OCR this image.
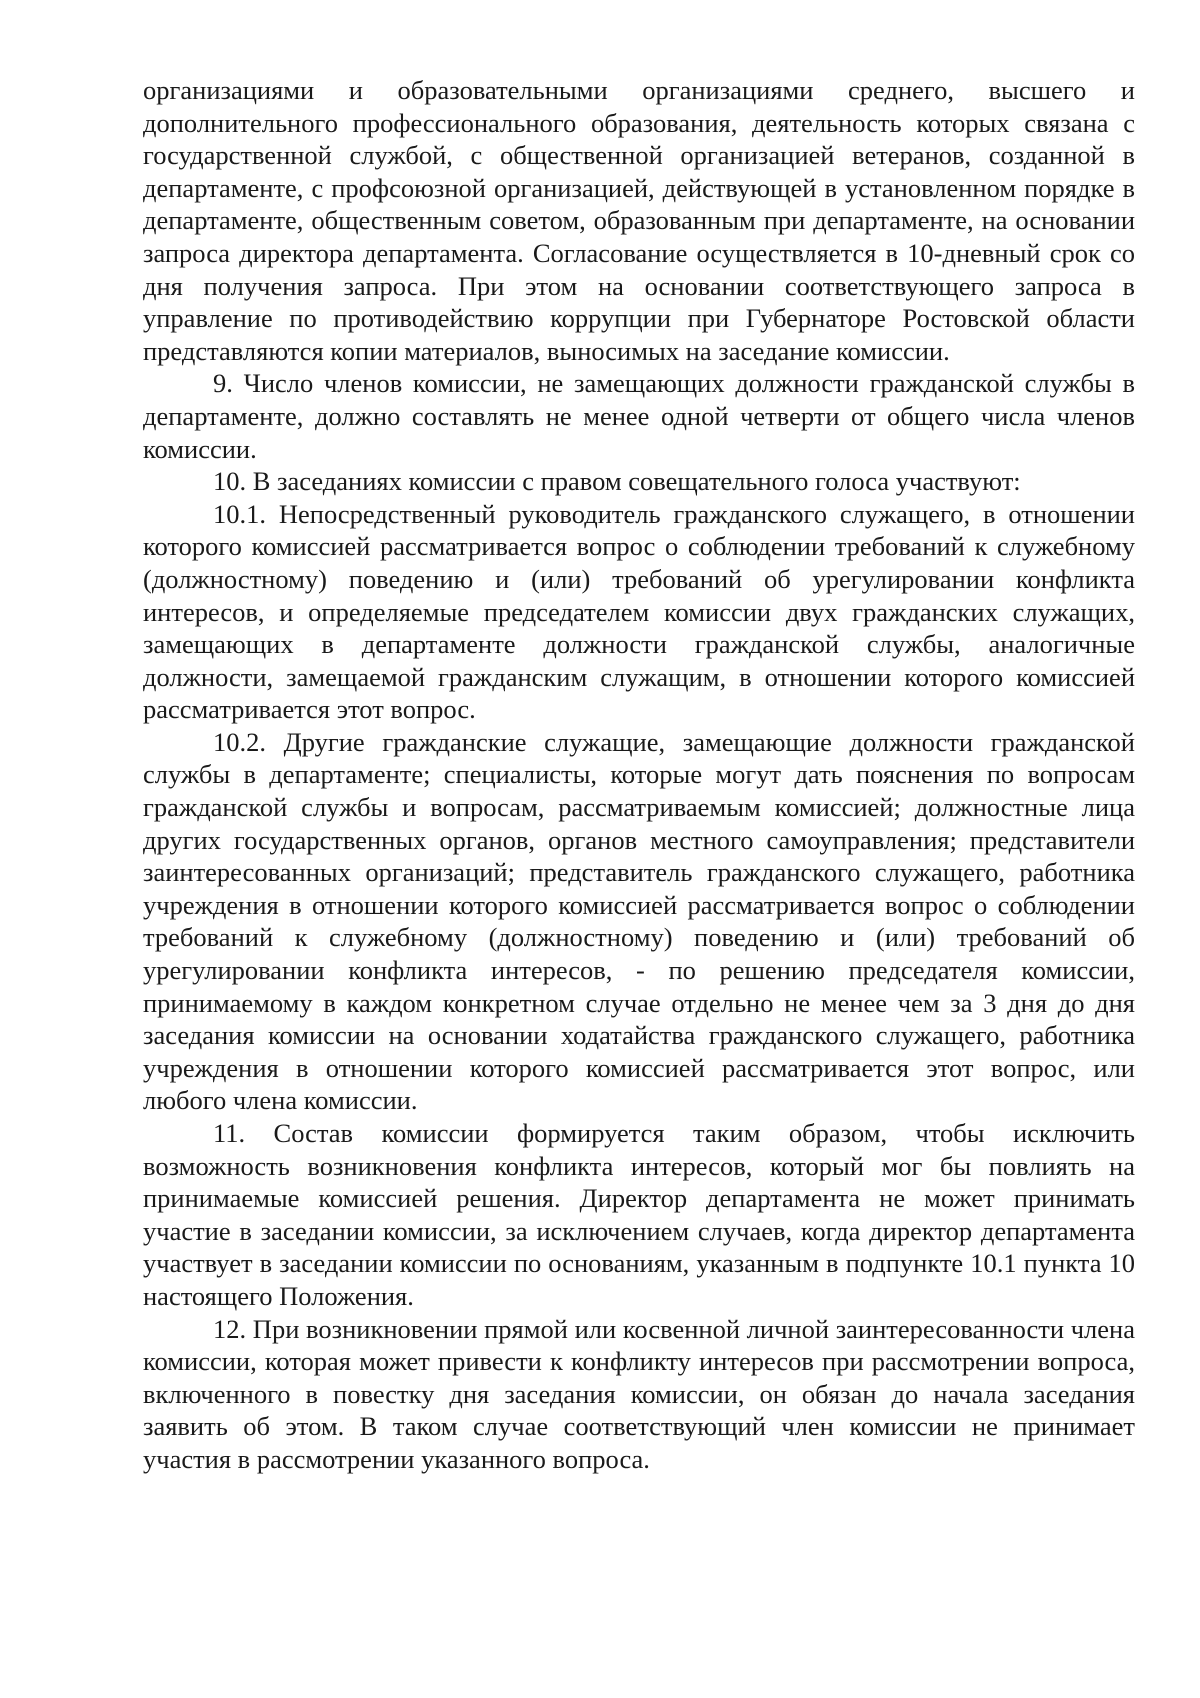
организациями и образовательными организациями среднего, высшего и дополнительного профессионального образования, деятельность которых связана с государственной службой, с общественной организацией ветеранов, созданной в департаменте, с профсоюзной организацией, действующей в установленном порядке в департаменте, общественным советом, образованным при департаменте, на основании запроса директора департамента. Согласование осуществляется в 10-дневный срок со дня получения запроса. При этом на основании соответствующего запроса в управление по противодействию коррупции при Губернаторе Ростовской области представляются копии материалов, выносимых на заседание комиссии.

9. Число членов комиссии, не замещающих должности гражданской службы в департаменте, должно составлять не менее одной четверти от общего числа членов комиссии.

10. В заседаниях комиссии с правом совещательного голоса участвуют:

10.1. Непосредственный руководитель гражданского служащего, в отношении которого комиссией рассматривается вопрос о соблюдении требований к служебному (должностному) поведению и (или) требований об урегулировании конфликта интересов, и определяемые председателем комиссии двух гражданских служащих, замещающих в департаменте должности гражданской службы, аналогичные должности, замещаемой гражданским служащим, в отношении которого комиссией рассматривается этот вопрос.

10.2. Другие гражданские служащие, замещающие должности гражданской службы в департаменте; специалисты, которые могут дать пояснения по вопросам гражданской службы и вопросам, рассматриваемым комиссией; должностные лица других государственных органов, органов местного самоуправления; представители заинтересованных организаций; представитель гражданского служащего, работника учреждения в отношении которого комиссией рассматривается вопрос о соблюдении требований к служебному (должностному) поведению и (или) требований об урегулировании конфликта интересов, - по решению председателя комиссии, принимаемому в каждом конкретном случае отдельно не менее чем за 3 дня до дня заседания комиссии на основании ходатайства гражданского служащего, работника учреждения в отношении которого комиссией рассматривается этот вопрос, или любого члена комиссии.

11. Состав комиссии формируется таким образом, чтобы исключить возможность возникновения конфликта интересов, который мог бы повлиять на принимаемые комиссией решения. Директор департамента не может принимать участие в заседании комиссии, за исключением случаев, когда директор департамента участвует в заседании комиссии по основаниям, указанным в подпункте 10.1 пункта 10 настоящего Положения.

12. При возникновении прямой или косвенной личной заинтересованности члена комиссии, которая может привести к конфликту интересов при рассмотрении вопроса, включенного в повестку дня заседания комиссии, он обязан до начала заседания заявить об этом. В таком случае соответствующий член комиссии не принимает участия в рассмотрении указанного вопроса.
